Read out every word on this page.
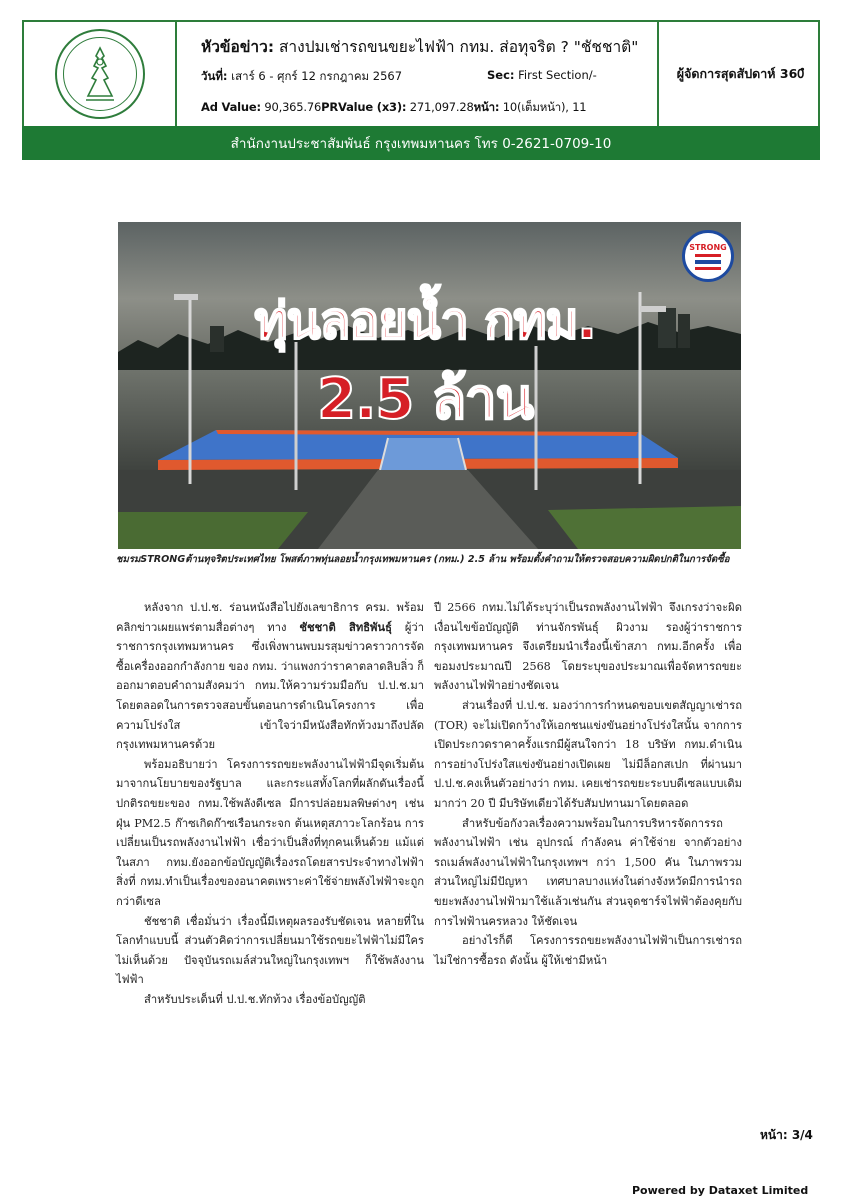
หัวข้อข่าว: สางปมเช่ารถขนขยะไฟฟ้า กทม. ส่อทุจริต ? "ชัชชาติ"
วันที่: เสาร์ 6 - ศุกร์ 12 กรกฎาคม 2567	Sec: First Section/-
Ad Value: 90,365.76PRValue (x3): 271,097.28หน้า: 10(เต็มหน้า), 11
ผู้จัดการสุดสัปดาห์ 360ํ
สำนักงานประชาสัมพันธ์ กรุงเทพมหานคร โทร 0-2621-0709-10
ทุ่นลอยน้ำ กทม.
2.5 ล้าน
STRONG
ชมรมSTRONGต้านทุจริตประเทศไทย โพสต์ภาพทุ่นลอยน้ำกรุงเทพมหานคร (กทม.) 2.5 ล้าน พร้อมตั้งคำถามให้ตรวจสอบความผิดปกติในการจัดซื้อ

หลังจาก ป.ป.ช. ร่อนหนังสือไปยังเลขาธิการ ครม. พร้อมคลิกข่าวเผยแพร่ตามสื่อต่างๆ ทาง ชัชชาติ สิทธิพันธุ์ ผู้ว่าราชการกรุงเทพมหานคร ซึ่งเพิ่งพานพบมรสุมข่าวคราวการจัดซื้อเครื่องออกกำลังกาย ของ กทม. ว่าแพงกว่าราคาตลาดลิบลิ่ว ก็ออกมาตอบคำถามสังคมว่า กทม.ให้ความร่วมมือกับ ป.ป.ช.มาโดยตลอดในการตรวจสอบขั้นตอนการดำเนินโครงการ เพื่อความโปร่งใส เข้าใจว่ามีหนังสือทักท้วงมาถึงปลัดกรุงเทพมหานครด้วย

พร้อมอธิบายว่า โครงการรถขยะพลังงานไฟฟ้ามีจุดเริ่มต้นมาจากนโยบายของรัฐบาล และกระแสทั้งโลกที่ผลักดันเรื่องนี้ ปกติรถขยะของ กทม.ใช้พลังดีเซล มีการปล่อยมลพิษต่างๆ เช่น ฝุ่น PM2.5 ก๊าซเกิดก๊าซเรือนกระจก ต้นเหตุสภาวะโลกร้อน การเปลี่ยนเป็นรถพลังงานไฟฟ้า เชื่อว่าเป็นสิ่งที่ทุกคนเห็นด้วย แม้แต่ในสภา กทม.ยังออกข้อบัญญัติเรื่องรถโดยสารประจำทางไฟฟ้า สิ่งที่ กทม.ทำเป็นเรื่องของอนาคตเพราะค่าใช้จ่ายพลังไฟฟ้าจะถูกกว่าดีเซล

ชัชชาติ เชื่อมั่นว่า เรื่องนี้มีเหตุผลรองรับชัดเจน หลายที่ในโลกทำแบบนี้ ส่วนตัวคิดว่าการเปลี่ยนมาใช้รถขยะไฟฟ้าไม่มีใครไม่เห็นด้วย ปัจจุบันรถเมล์ส่วนใหญ่ในกรุงเทพฯ ก็ใช้พลังงานไฟฟ้า

สำหรับประเด็นที่ ป.ป.ช.ทักท้วง เรื่องข้อบัญญัติ

ปี 2566 กทม.ไม่ได้ระบุว่าเป็นรถพลังงานไฟฟ้า จึงเกรงว่าจะผิดเงื่อนไขข้อบัญญัติ ท่านจักรพันธุ์ ผิวงาม รองผู้ว่าราชการกรุงเทพมหานคร จึงเตรียมนำเรื่องนี้เข้าสภา กทม.อีกครั้ง เพื่อขอมงประมาณปี 2568 โดยระบุของประมาณเพื่อจัดหารถขยะพลังงานไฟฟ้าอย่างชัดเจน

ส่วนเรื่องที่ ป.ป.ช. มองว่าการกำหนดขอบเขตสัญญาเช่ารถ (TOR) จะไม่เปิดกว้างให้เอกชนแข่งขันอย่างโปร่งใสนั้น จากการเปิดประกวดราคาครั้งแรกมีผู้สนใจกว่า 18 บริษัท กทม.ดำเนินการอย่างโปร่งใสแข่งขันอย่างเปิดเผย ไม่มีล็อกสเปก ที่ผ่านมา ป.ป.ช.คงเห็นตัวอย่างว่า กทม. เคยเช่ารถขยะระบบดีเซลแบบเดิมมากว่า 20 ปี มีบริษัทเดียวได้รับสัมปทานมาโดยตลอด

สำหรับข้อกังวลเรื่องความพร้อมในการบริหารจัดการรถพลังงานไฟฟ้า เช่น อุปกรณ์ กำลังคน ค่าใช้จ่าย จากตัวอย่างรถเมล์พลังงานไฟฟ้าในกรุงเทพฯ กว่า 1,500 คัน ในภาพรวมส่วนใหญ่ไม่มีปัญหา เทศบาลบางแห่งในต่างจังหวัดมีการนำรถขยะพลังงานไฟฟ้ามาใช้แล้วเช่นกัน ส่วนจุดชาร์จไฟฟ้าต้องคุยกับการไฟฟ้านครหลวง ให้ชัดเจน

อย่างไรก็ดี โครงการรถขยะพลังงานไฟฟ้าเป็นการเช่ารถ ไม่ใช่การซื้อรถ ดังนั้น ผู้ให้เช่ามีหน้า

หน้า: 3/4
Powered by Dataxet Limited
